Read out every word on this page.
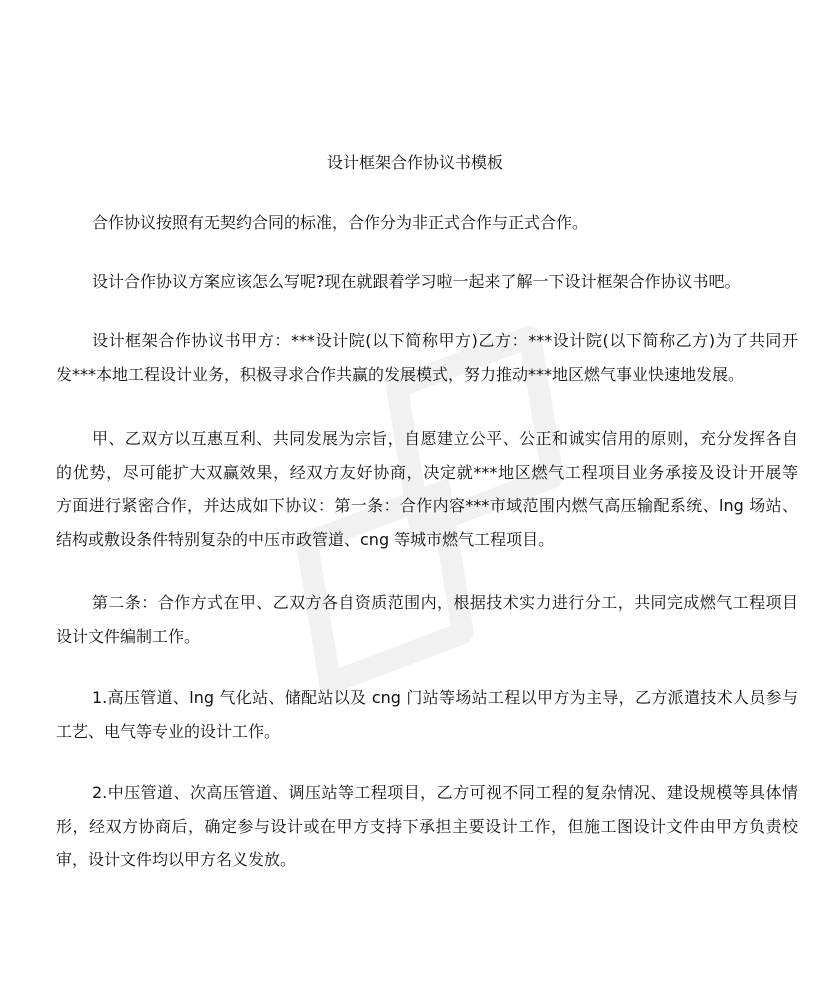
设计框架合作协议书模板
合作协议按照有无契约合同的标准，合作分为非正式合作与正式合作。
设计合作协议方案应该怎么写呢?现在就跟着学习啦一起来了解一下设计框架合作协议书吧。
设计框架合作协议书甲方：***设计院(以下简称甲方)乙方：***设计院(以下简称乙方)为了共同开
发***本地工程设计业务，积极寻求合作共赢的发展模式，努力推动***地区燃气事业快速地发展。
甲、乙双方以互惠互利、共同发展为宗旨，自愿建立公平、公正和诚实信用的原则，充分发挥各自
的优势，尽可能扩大双赢效果，经双方友好协商，决定就***地区燃气工程项目业务承接及设计开展等
方面进行紧密合作，并达成如下协议：第一条：合作内容***市域范围内燃气高压输配系统、lng 场站、
结构或敷设条件特别复杂的中压市政管道、cng 等城市燃气工程项目。
第二条：合作方式在甲、乙双方各自资质范围内，根据技术实力进行分工，共同完成燃气工程项目
设计文件编制工作。
1.高压管道、lng 气化站、储配站以及 cng 门站等场站工程以甲方为主导，乙方派遣技术人员参与
工艺、电气等专业的设计工作。
2.中压管道、次高压管道、调压站等工程项目，乙方可视不同工程的复杂情况、建设规模等具体情
形，经双方协商后，确定参与设计或在甲方支持下承担主要设计工作，但施工图设计文件由甲方负责校
审，设计文件均以甲方名义发放。
